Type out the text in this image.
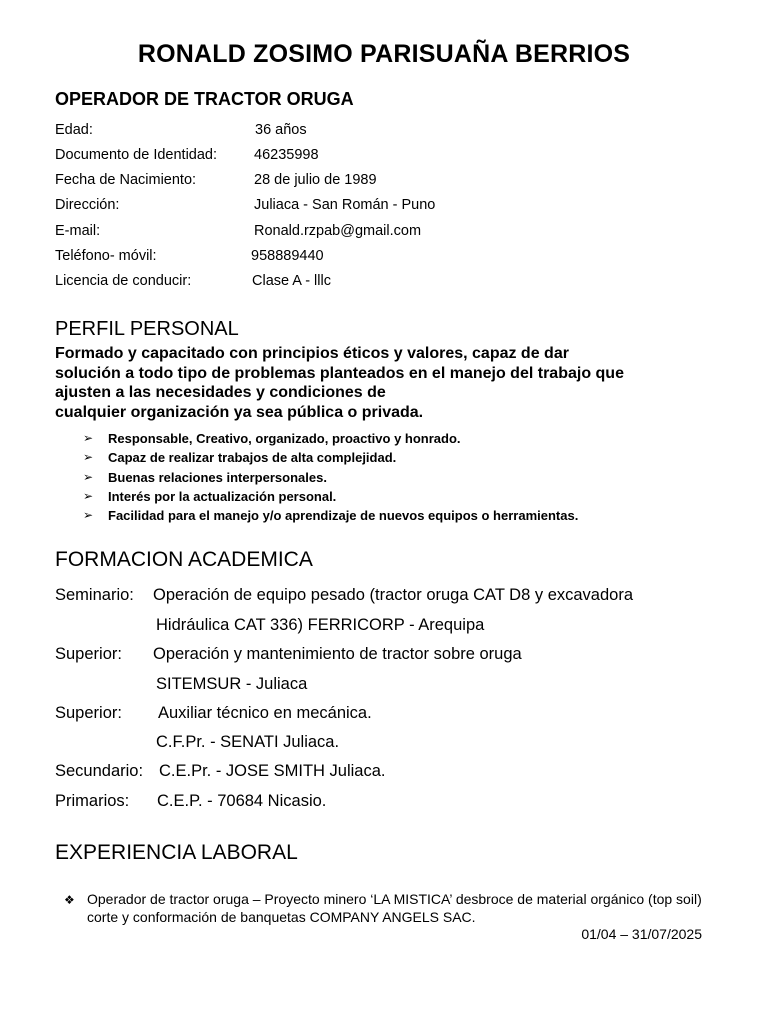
RONALD ZOSIMO PARISUAÑA BERRIOS
OPERADOR DE TRACTOR ORUGA
Edad:	36 años
Documento de Identidad:	46235998
Fecha de Nacimiento:	28 de julio de 1989
Dirección:	Juliaca - San Román - Puno
E-mail:	Ronald.rzpab@gmail.com
Teléfono- móvil:	958889440
Licencia de conducir:	Clase A - lllc
PERFIL PERSONAL
Formado y capacitado con principios éticos y valores, capaz de dar
solución a todo tipo de problemas planteados en el manejo del trabajo que
ajusten a las necesidades y condiciones de
cualquier organización ya sea pública o privada.
➢ Responsable, Creativo, organizado, proactivo y honrado.
➢ Capaz de realizar trabajos de alta complejidad.
➢ Buenas relaciones interpersonales.
➢ Interés por la actualización personal.
➢ Facilidad para el manejo y/o aprendizaje de nuevos equipos o herramientas.
FORMACION ACADEMICA
Seminario: Operación de equipo pesado (tractor oruga CAT D8 y excavadora
Hidráulica CAT 336) FERRICORP - Arequipa
Superior: Operación y mantenimiento de tractor sobre oruga
SITEMSUR - Juliaca
Superior: Auxiliar técnico en mecánica.
C.F.Pr. - SENATI Juliaca.
Secundario: C.E.Pr. - JOSE SMITH Juliaca.
Primarios: C.E.P. - 70684 Nicasio.
EXPERIENCIA LABORAL
❖ Operador de tractor oruga – Proyecto minero ‘LA MISTICA’ desbroce de material orgánico (top soil) corte y conformación de banquetas COMPANY ANGELS SAC.
01/04 – 31/07/2025
